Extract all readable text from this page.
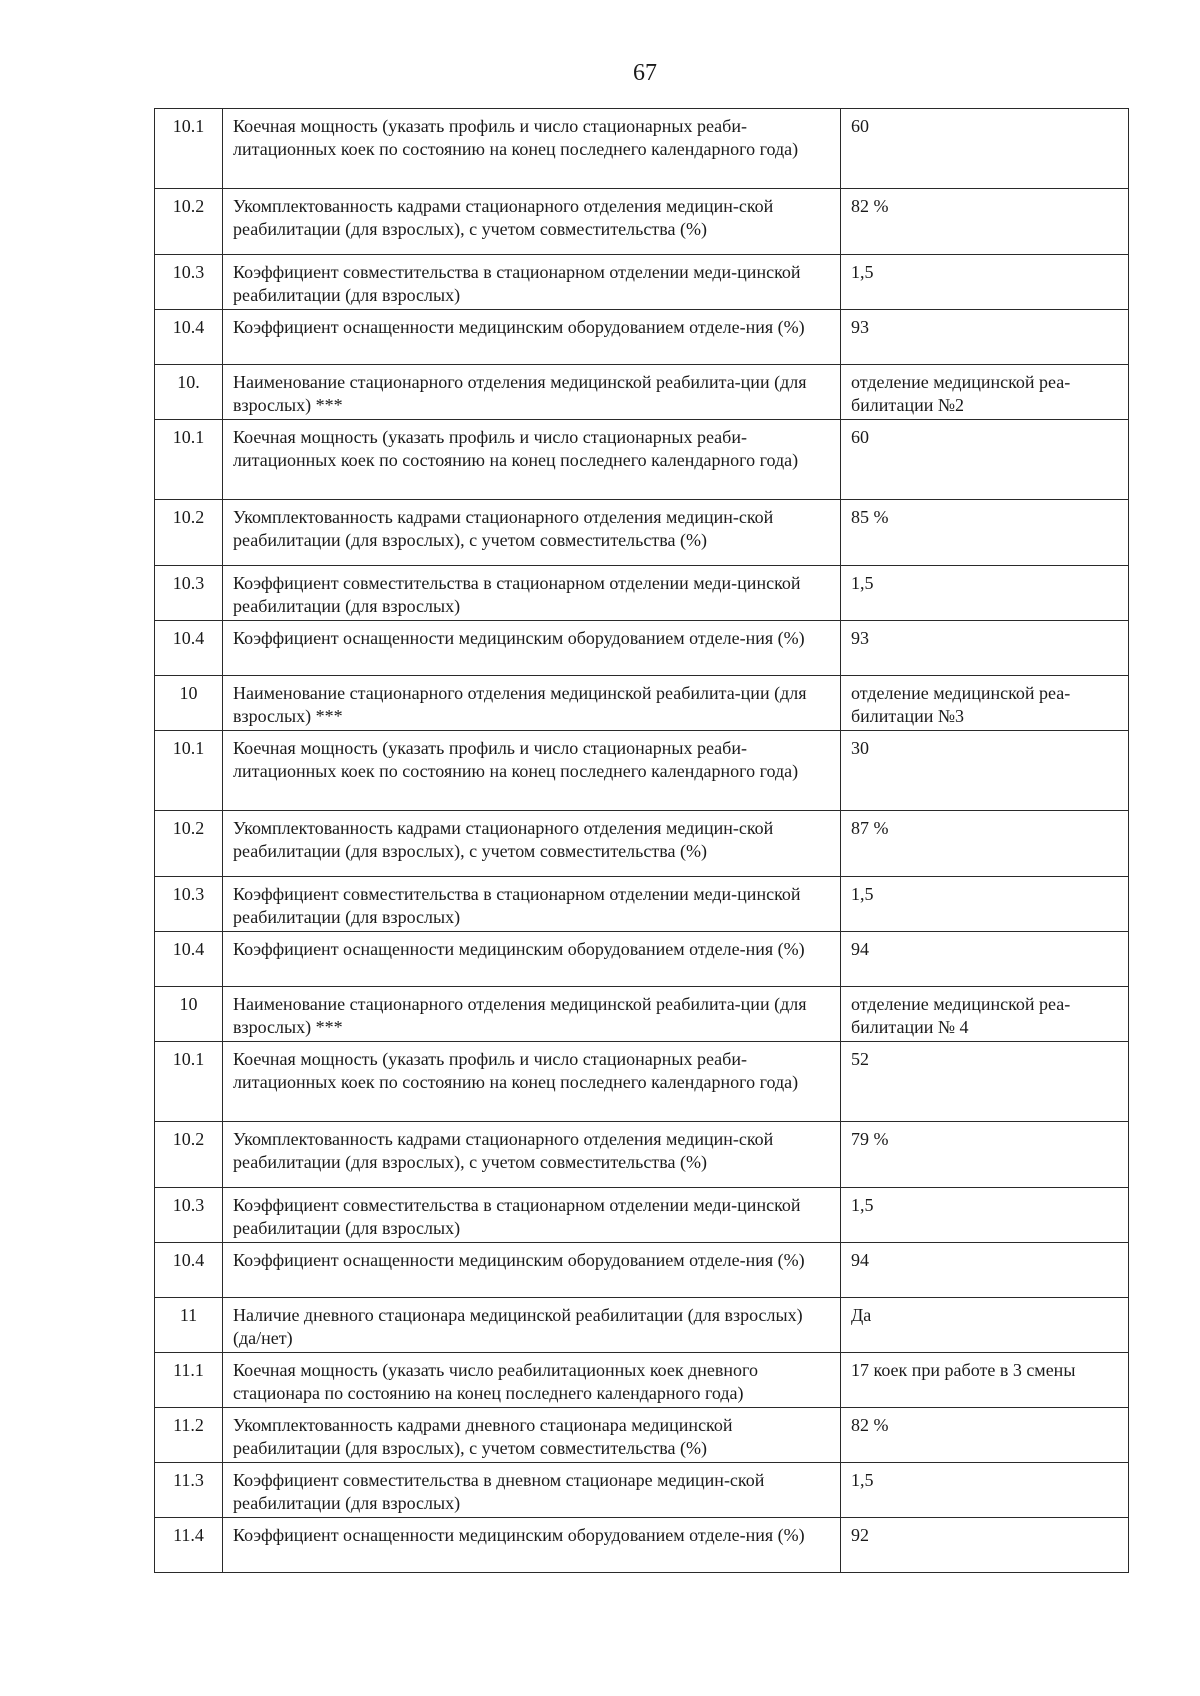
67
10.1	Коечная мощность (указать профиль и число стационарных реаби-литационных коек по состоянию на конец последнего календарного года)	60
10.2	Укомплектованность кадрами стационарного отделения медицин-ской реабилитации (для взрослых), с учетом совместительства (%)	82 %
10.3	Коэффициент совместительства в стационарном отделении меди-цинской реабилитации (для взрослых)	1,5
10.4	Коэффициент оснащенности медицинским оборудованием отделе-ния (%)	93
10.	Наименование стационарного отделения медицинской реабилита-ции (для взрослых) ***	отделение медицинской реа-билитации №2
10.1	Коечная мощность (указать профиль и число стационарных реаби-литационных коек по состоянию на конец последнего календарного года)	60
10.2	Укомплектованность кадрами стационарного отделения медицин-ской реабилитации (для взрослых), с учетом совместительства (%)	85 %
10.3	Коэффициент совместительства в стационарном отделении меди-цинской реабилитации (для взрослых)	1,5
10.4	Коэффициент оснащенности медицинским оборудованием отделе-ния (%)	93
10	Наименование стационарного отделения медицинской реабилита-ции (для взрослых) ***	отделение медицинской реа-билитации №3
10.1	Коечная мощность (указать профиль и число стационарных реаби-литационных коек по состоянию на конец последнего календарного года)	30
10.2	Укомплектованность кадрами стационарного отделения медицин-ской реабилитации (для взрослых), с учетом совместительства (%)	87 %
10.3	Коэффициент совместительства в стационарном отделении меди-цинской реабилитации (для взрослых)	1,5
10.4	Коэффициент оснащенности медицинским оборудованием отделе-ния (%)	94
10	Наименование стационарного отделения медицинской реабилита-ции (для взрослых) ***	отделение медицинской реа-билитации № 4
10.1	Коечная мощность (указать профиль и число стационарных реаби-литационных коек по состоянию на конец последнего календарного года)	52
10.2	Укомплектованность кадрами стационарного отделения медицин-ской реабилитации (для взрослых), с учетом совместительства (%)	79 %
10.3	Коэффициент совместительства в стационарном отделении меди-цинской реабилитации (для взрослых)	1,5
10.4	Коэффициент оснащенности медицинским оборудованием отделе-ния (%)	94
11	Наличие дневного стационара медицинской реабилитации (для взрослых) (да/нет)	Да
11.1	Коечная мощность (указать число реабилитационных коек дневного стационара по состоянию на конец последнего календарного года)	17 коек при работе в 3 смены
11.2	Укомплектованность кадрами дневного стационара медицинской реабилитации (для взрослых), с учетом совместительства (%)	82 %
11.3	Коэффициент совместительства в дневном стационаре медицин-ской реабилитации (для взрослых)	1,5
11.4	Коэффициент оснащенности медицинским оборудованием отделе-ния (%)	92
